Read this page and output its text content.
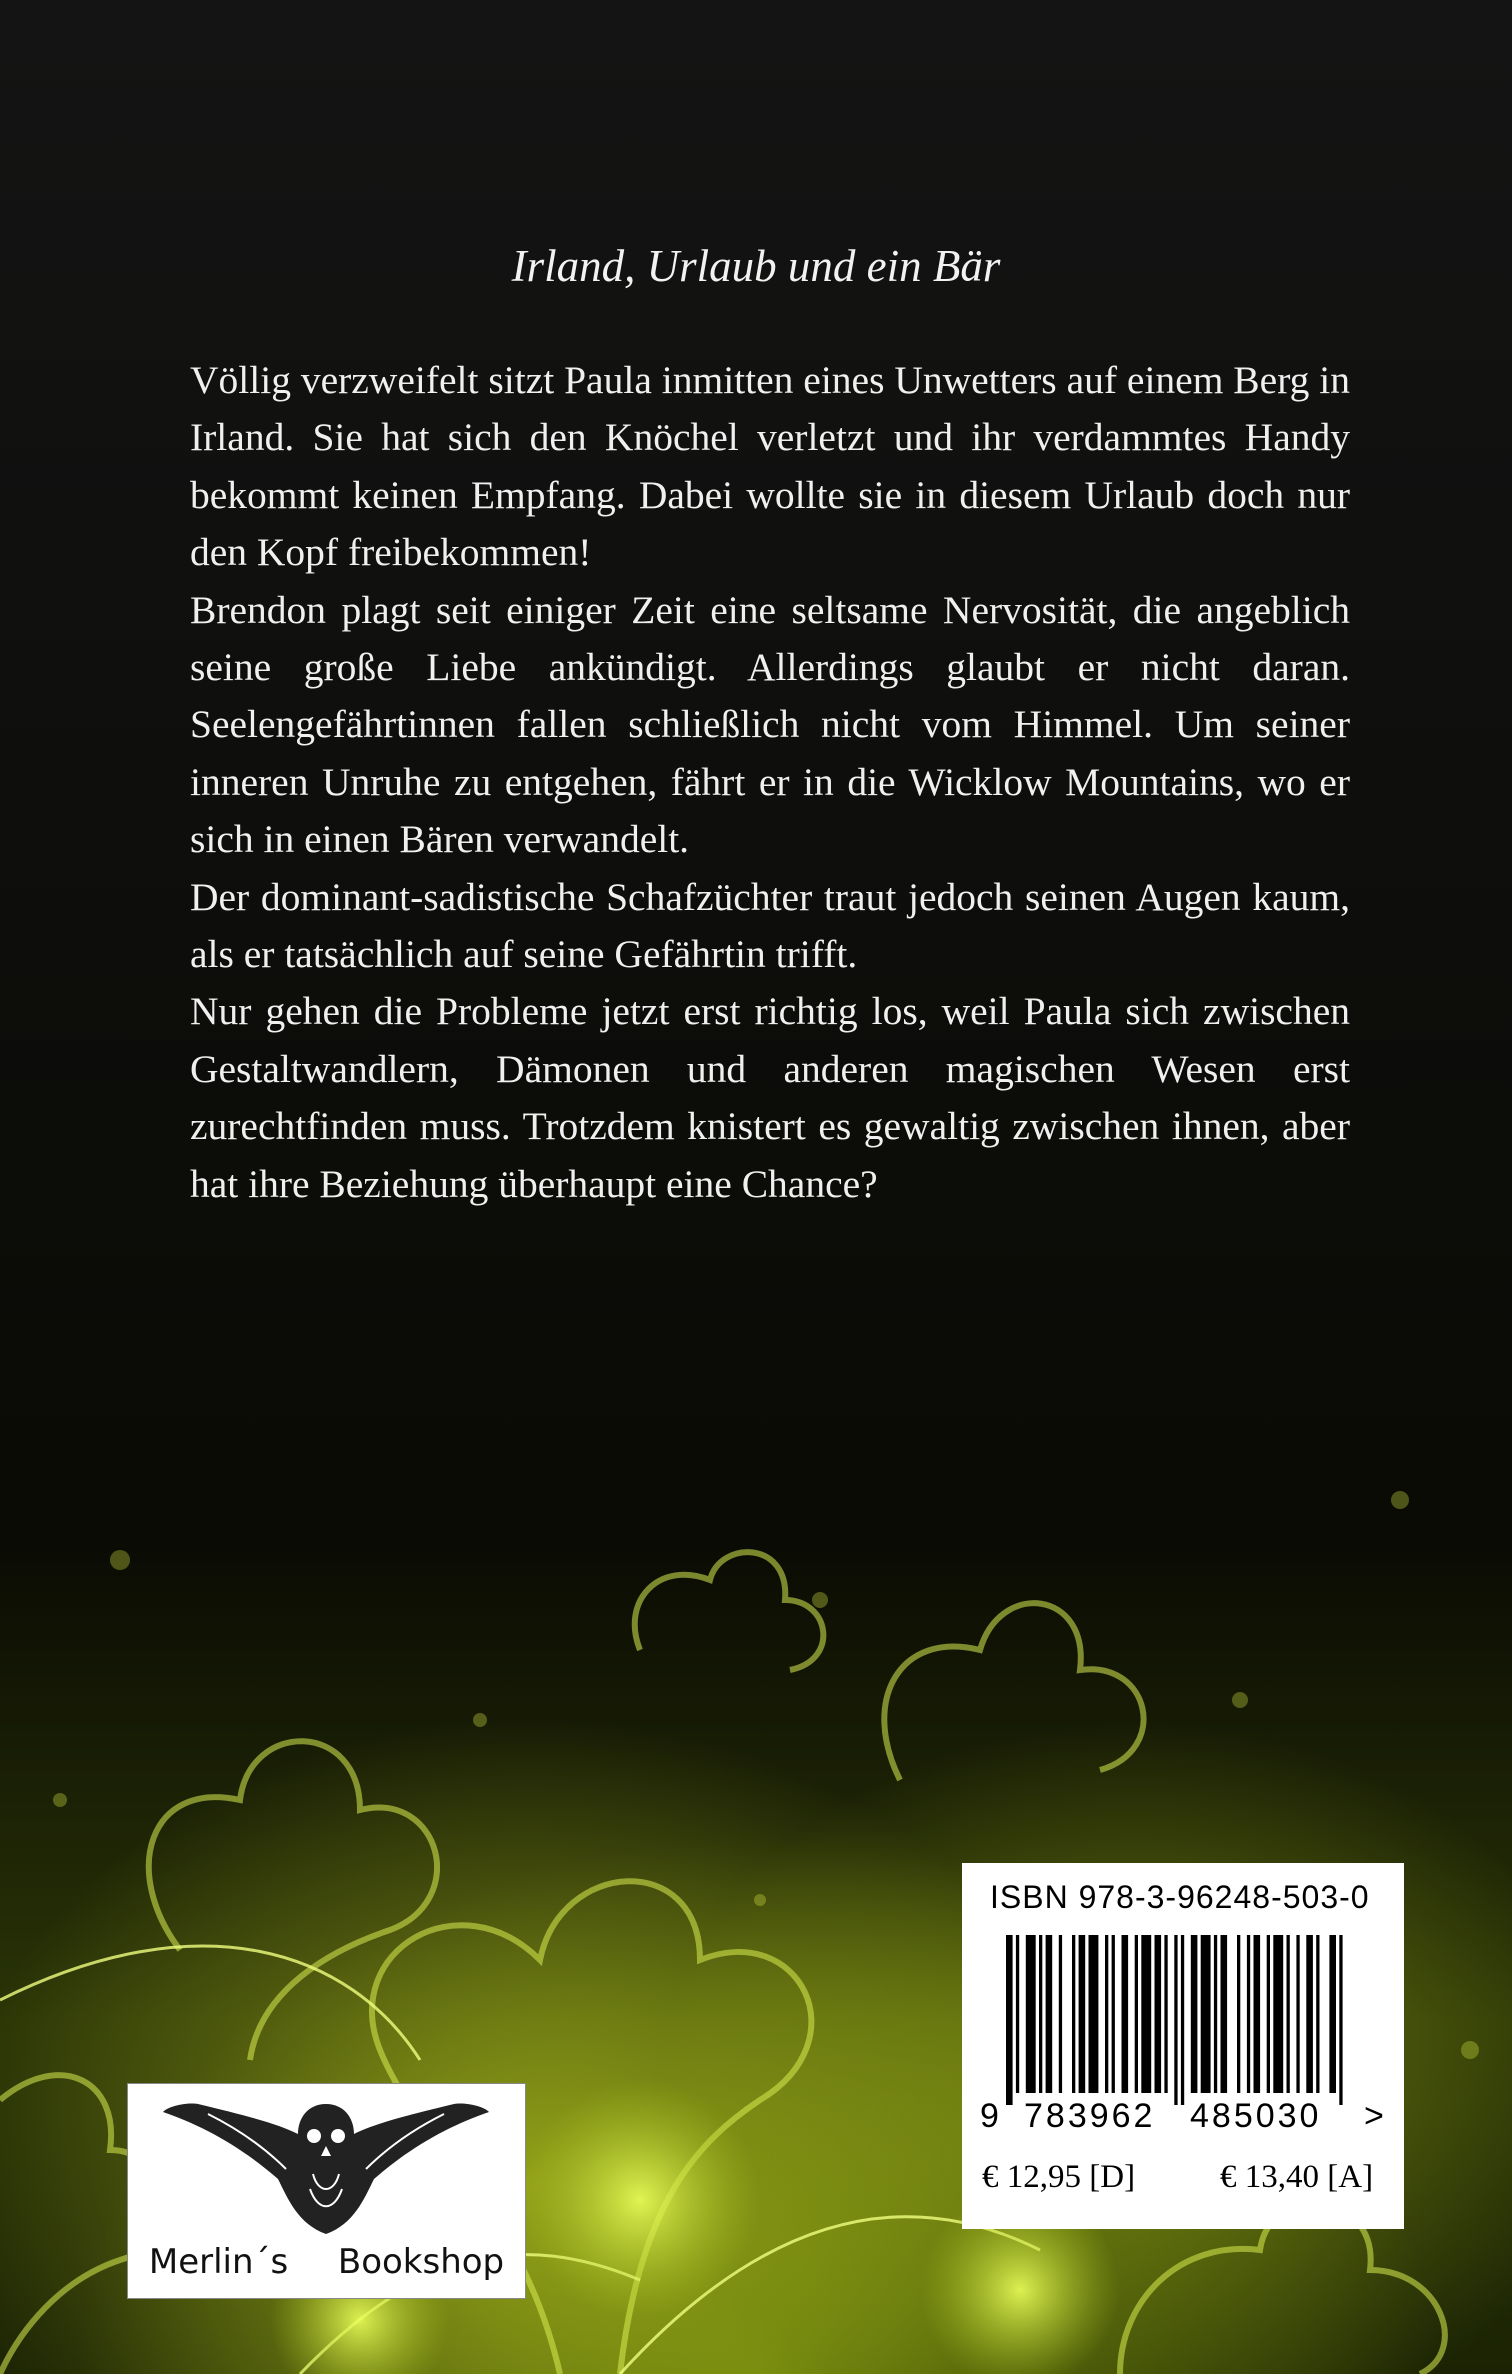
Irland, Urlaub und ein Bär

Völlig verzweifelt sitzt Paula inmitten eines Unwetters auf einem Berg in Irland. Sie hat sich den Knöchel verletzt und ihr verdammtes Handy bekommt keinen Empfang. Dabei wollte sie in diesem Urlaub doch nur den Kopf freibekommen!

Brendon plagt seit einiger Zeit eine seltsame Nervosität, die angeblich seine große Liebe ankündigt. Allerdings glaubt er nicht daran. Seelengefährtinnen fallen schließlich nicht vom Himmel. Um seiner inneren Unruhe zu entgehen, fährt er in die Wicklow Mountains, wo er sich in einen Bären verwandelt.

Der dominant-sadistische Schafzüchter traut jedoch seinen Augen kaum, als er tatsächlich auf seine Gefährtin trifft.

Nur gehen die Probleme jetzt erst richtig los, weil Paula sich zwischen Gestaltwandlern, Dämonen und anderen magischen Wesen erst zurechtfinden muss. Trotzdem knistert es gewaltig zwischen ihnen, aber hat ihre Beziehung überhaupt eine Chance?

Merlin´s Bookshop
ISBN 978-3-96248-503-0
9 783962 485030 >
€ 12,95 [D]	€ 13,40 [A]
